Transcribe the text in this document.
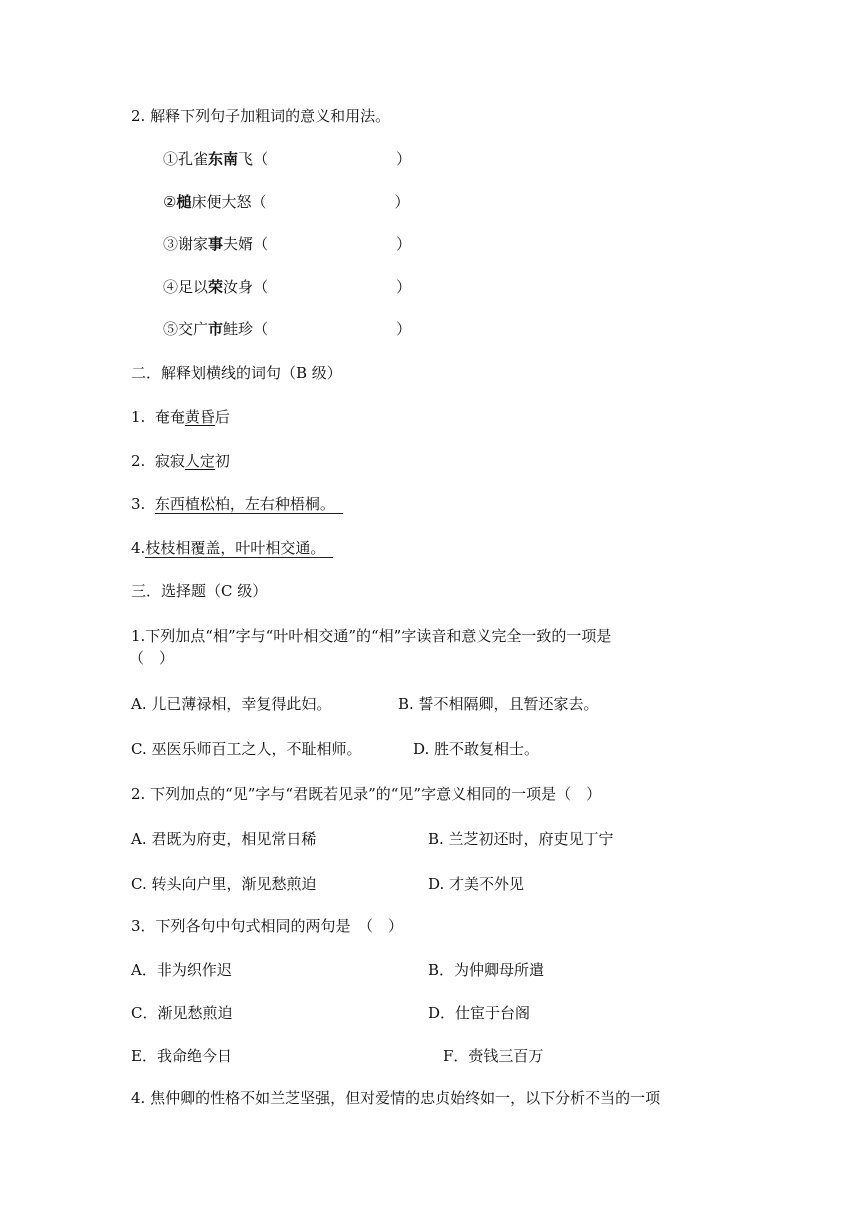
2. 解释下列句子加粗词的意义和用法。
①孔雀东南飞（	）
②槌床便大怒（	）
③谢家事夫婿（	）
④足以荣汝身（	）
⑤交广市鲑珍（	）
二．解释划横线的词句（B 级）
1. 奄奄黄昏后
2. 寂寂人定初
3. 东西植松柏，左右种梧桐。
4.枝枝相覆盖，叶叶相交通。
三．选择题（C 级）
1.下列加点“相”字与“叶叶相交通”的“相”字读音和意义完全一致的一项是
（　）
A. 儿已薄禄相，幸复得此妇。	B. 誓不相隔卿，且暂还家去。
C. 巫医乐师百工之人，不耻相师。	D. 胜不敢复相士。
2. 下列加点的“见”字与“君既若见录”的“见”字意义相同的一项是（　）
A. 君既为府吏，相见常日稀	B. 兰芝初还时，府吏见丁宁
C. 转头向户里，渐见愁煎迫	D. 才美不外见
3．下列各句中句式相同的两句是　（　）
A．非为织作迟	B．为仲卿母所遣
C．渐见愁煎迫	D．仕宦于台阁
E．我命绝今日	F．赍钱三百万
4. 焦仲卿的性格不如兰芝坚强，但对爱情的忠贞始终如一，以下分析不当的一项
